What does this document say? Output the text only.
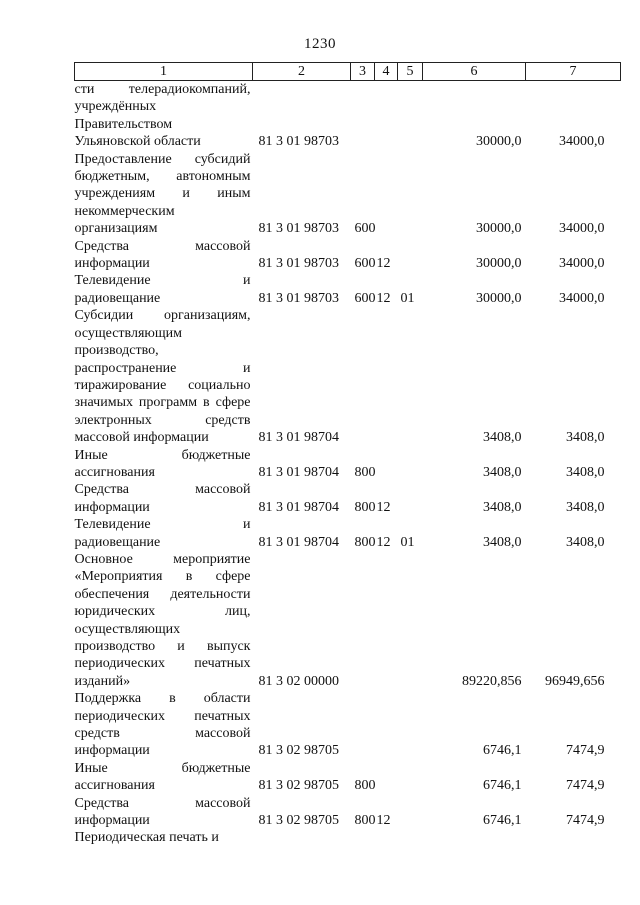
1230
1	2	3	4	5	6	7
сти телерадиокомпаний, учреждённых Правительством Ульяновской области	81 3 01 98703				30000,0	34000,0
Предоставление субсидий бюджетным, автономным учреждениям и иным некоммерческим организациям	81 3 01 98703	600			30000,0	34000,0
Средства массовой информации	81 3 01 98703	600	12		30000,0	34000,0
Телевидение и радиовещание	81 3 01 98703	600	12	01	30000,0	34000,0
Субсидии организациям, осуществляющим производство, распространение и тиражирование социально значимых программ в сфере электронных средств массовой информации	81 3 01 98704				3408,0	3408,0
Иные бюджетные ассигнования	81 3 01 98704	800			3408,0	3408,0
Средства массовой информации	81 3 01 98704	800	12		3408,0	3408,0
Телевидение и радиовещание	81 3 01 98704	800	12	01	3408,0	3408,0
Основное мероприятие «Мероприятия в сфере обеспечения деятельности юридических лиц, осуществляющих производство и выпуск периодических печатных изданий»	81 3 02 00000				89220,856	96949,656
Поддержка в области периодических печатных средств массовой информации	81 3 02 98705				6746,1	7474,9
Иные бюджетные ассигнования	81 3 02 98705	800			6746,1	7474,9
Средства массовой информации	81 3 02 98705	800	12		6746,1	7474,9
Периодическая печать и						
